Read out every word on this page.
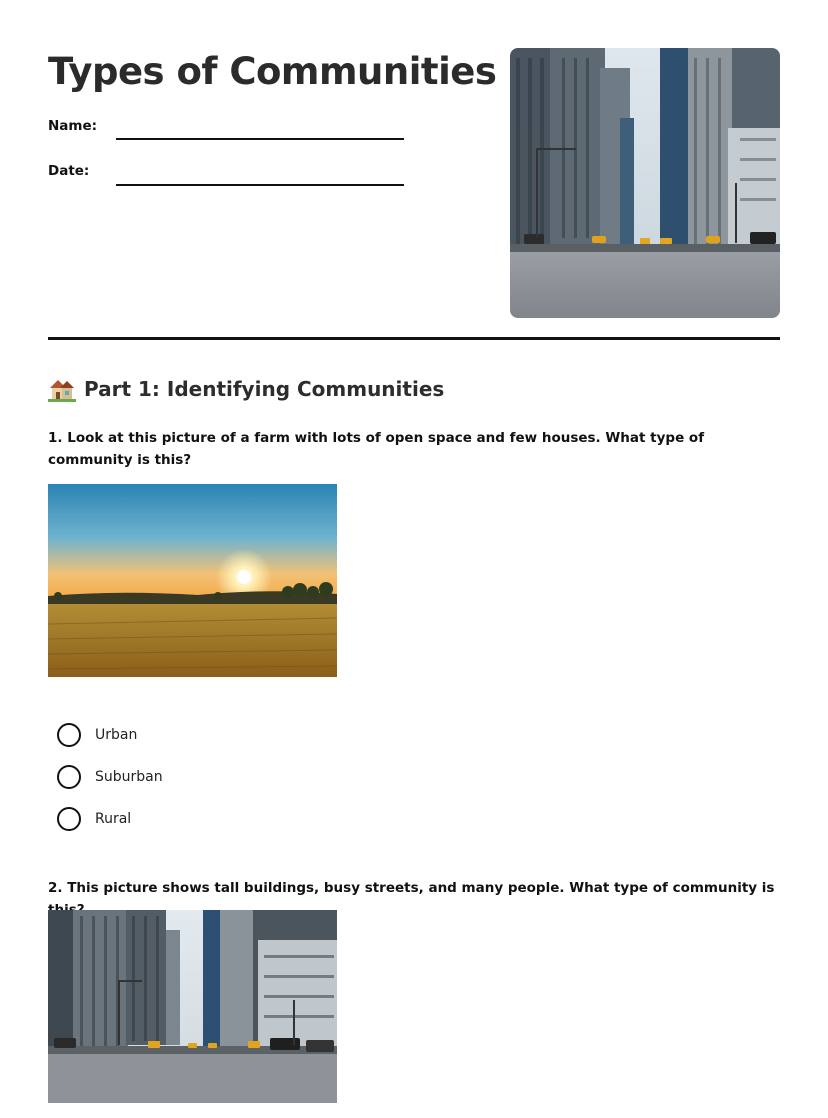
Types of Communities
Name:
Date:
Part 1: Identifying Communities

1. Look at this picture of a farm with lots of open space and few houses. What type of community is this?

Urban
Suburban
Rural

2. This picture shows tall buildings, busy streets, and many people. What type of community is
